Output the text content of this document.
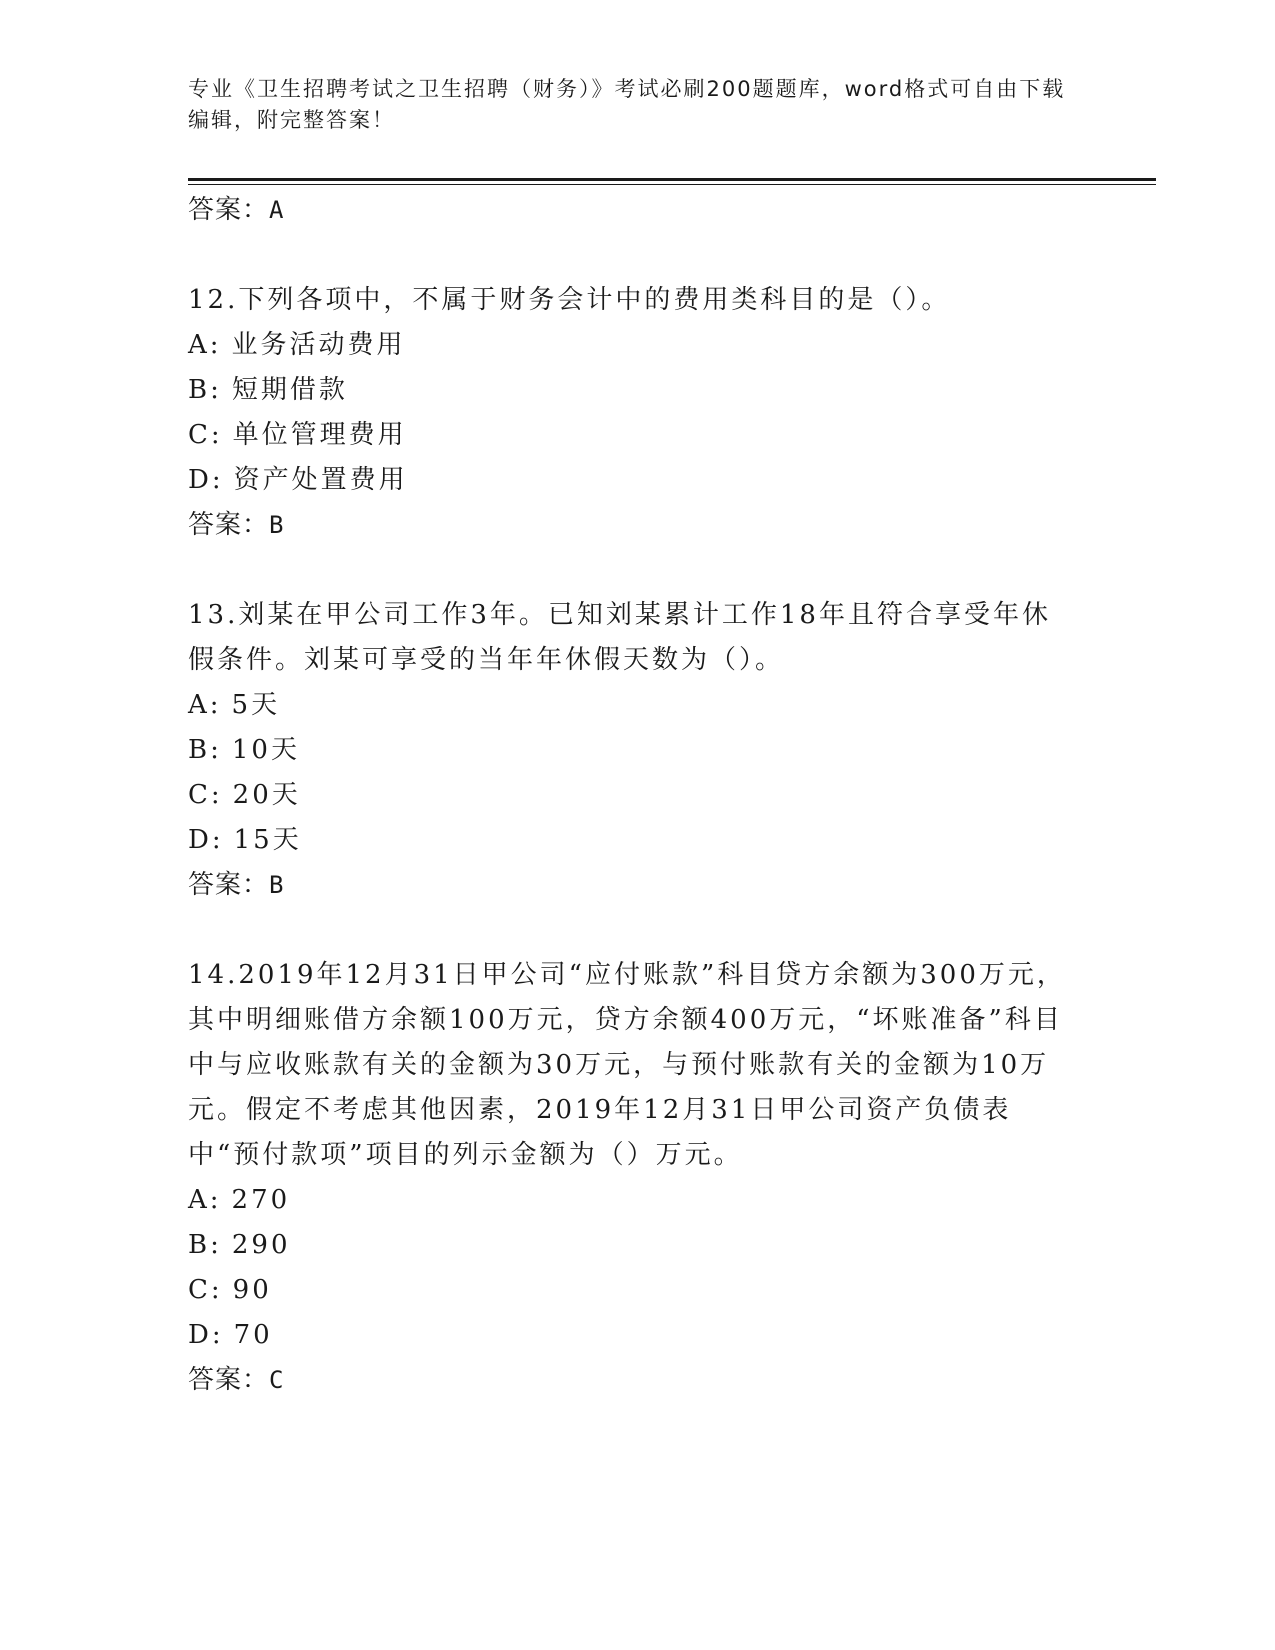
专业《卫生招聘考试之卫生招聘（财务）》考试必刷200题题库，word格式可自由下载编辑，附完整答案！

答案：A

12.下列各项中，不属于财务会计中的费用类科目的是（）。

A: 业务活动费用

B: 短期借款

C: 单位管理费用

D: 资产处置费用

答案：B

13.刘某在甲公司工作3年。已知刘某累计工作18年且符合享受年休假条件。刘某可享受的当年年休假天数为（）。

A: 5天

B: 10天

C: 20天

D: 15天

答案：B

14.2019年12月31日甲公司“应付账款”科目贷方余额为300万元，其中明细账借方余额100万元，贷方余额400万元，“坏账准备”科目中与应收账款有关的金额为30万元，与预付账款有关的金额为10万元。假定不考虑其他因素，2019年12月31日甲公司资产负债表中“预付款项”项目的列示金额为（）万元。

A: 270

B: 290

C: 90

D: 70

答案：C
